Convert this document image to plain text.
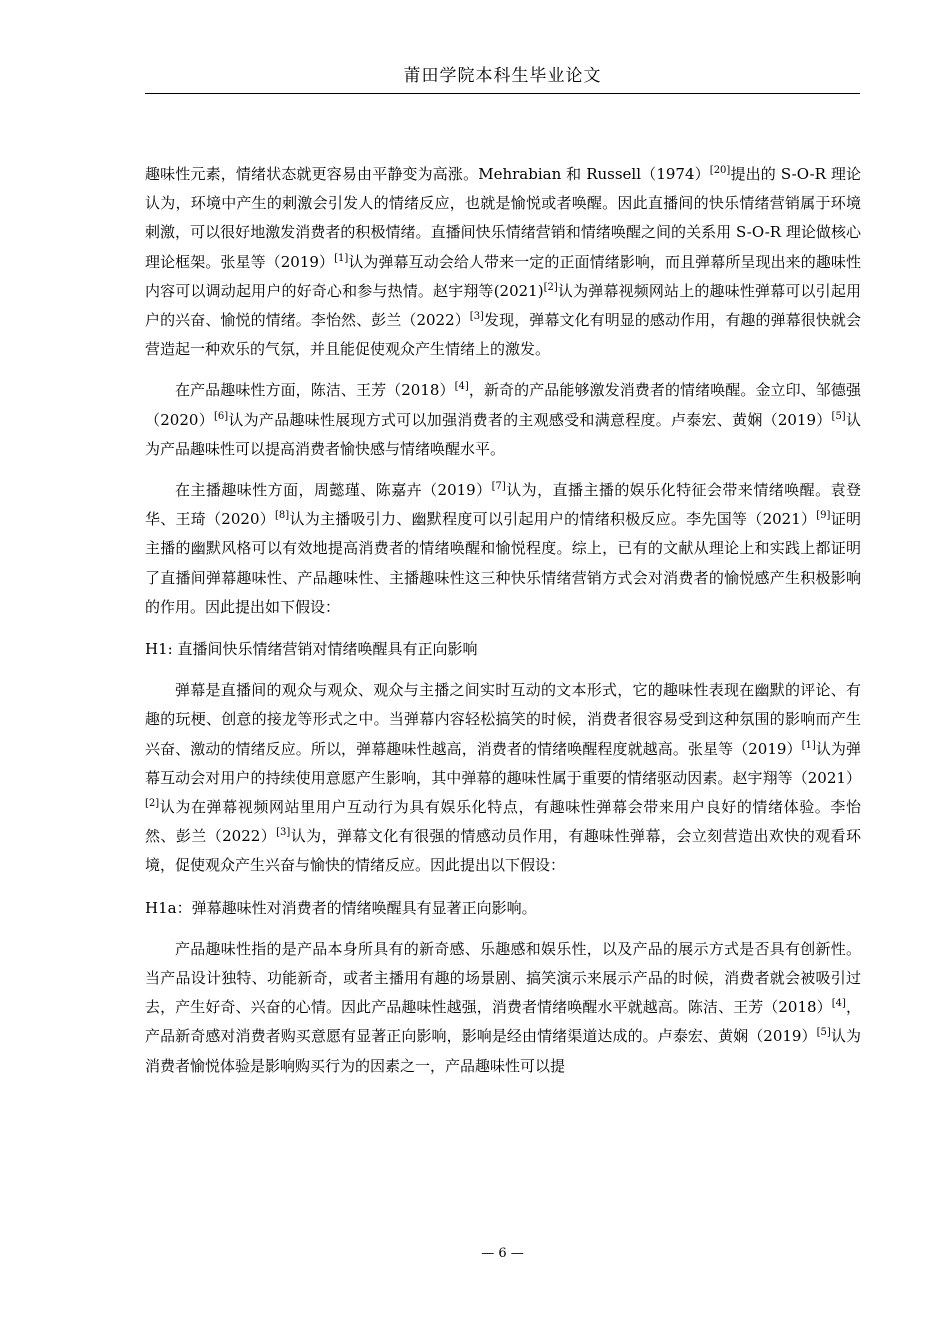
莆田学院本科生毕业论文

趣味性元素，情绪状态就更容易由平静变为高涨。Mehrabian 和 Russell（1974）[20]提出的 S-O-R 理论认为，环境中产生的刺激会引发人的情绪反应，也就是愉悦或者唤醒。因此直播间的快乐情绪营销属于环境刺激，可以很好地激发消费者的积极情绪。直播间快乐情绪营销和情绪唤醒之间的关系用 S-O-R 理论做核心理论框架。张星等（2019）[1]认为弹幕互动会给人带来一定的正面情绪影响，而且弹幕所呈现出来的趣味性内容可以调动起用户的好奇心和参与热情。赵宇翔等(2021)[2]认为弹幕视频网站上的趣味性弹幕可以引起用户的兴奋、愉悦的情绪。李怡然、彭兰（2022）[3]发现，弹幕文化有明显的感动作用，有趣的弹幕很快就会营造起一种欢乐的气氛，并且能促使观众产生情绪上的激发。

在产品趣味性方面，陈洁、王芳（2018）[4]，新奇的产品能够激发消费者的情绪唤醒。金立印、邹德强（2020）[6]认为产品趣味性展现方式可以加强消费者的主观感受和满意程度。卢泰宏、黄娴（2019）[5]认为产品趣味性可以提高消费者愉快感与情绪唤醒水平。

在主播趣味性方面，周懿瑾、陈嘉卉（2019）[7]认为，直播主播的娱乐化特征会带来情绪唤醒。袁登华、王琦（2020）[8]认为主播吸引力、幽默程度可以引起用户的情绪积极反应。李先国等（2021）[9]证明主播的幽默风格可以有效地提高消费者的情绪唤醒和愉悦程度。综上，已有的文献从理论上和实践上都证明了直播间弹幕趣味性、产品趣味性、主播趣味性这三种快乐情绪营销方式会对消费者的愉悦感产生积极影响的作用。因此提出如下假设：

H1: 直播间快乐情绪营销对情绪唤醒具有正向影响

弹幕是直播间的观众与观众、观众与主播之间实时互动的文本形式，它的趣味性表现在幽默的评论、有趣的玩梗、创意的接龙等形式之中。当弹幕内容轻松搞笑的时候，消费者很容易受到这种氛围的影响而产生兴奋、激动的情绪反应。所以，弹幕趣味性越高，消费者的情绪唤醒程度就越高。张星等（2019）[1]认为弹幕互动会对用户的持续使用意愿产生影响，其中弹幕的趣味性属于重要的情绪驱动因素。赵宇翔等（2021）[2]认为在弹幕视频网站里用户互动行为具有娱乐化特点，有趣味性弹幕会带来用户良好的情绪体验。李怡然、彭兰（2022）[3]认为，弹幕文化有很强的情感动员作用，有趣味性弹幕，会立刻营造出欢快的观看环境，促使观众产生兴奋与愉快的情绪反应。因此提出以下假设：

H1a：弹幕趣味性对消费者的情绪唤醒具有显著正向影响。

产品趣味性指的是产品本身所具有的新奇感、乐趣感和娱乐性，以及产品的展示方式是否具有创新性。当产品设计独特、功能新奇，或者主播用有趣的场景剧、搞笑演示来展示产品的时候，消费者就会被吸引过去，产生好奇、兴奋的心情。因此产品趣味性越强，消费者情绪唤醒水平就越高。陈洁、王芳（2018）[4]，产品新奇感对消费者购买意愿有显著正向影响，影响是经由情绪渠道达成的。卢泰宏、黄娴（2019）[5]认为消费者愉悦体验是影响购买行为的因素之一，产品趣味性可以提

— 6 —
